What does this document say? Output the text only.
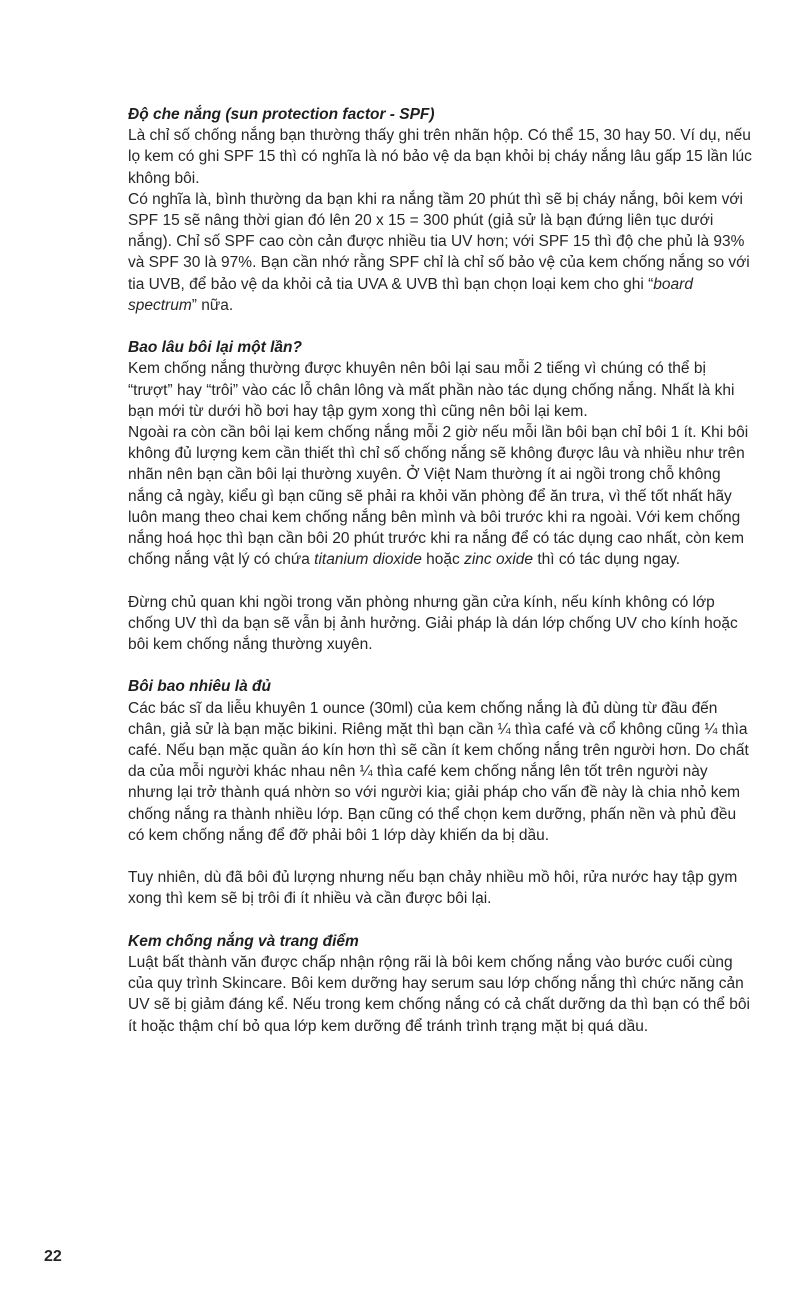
Độ che nắng (sun protection factor - SPF)

Là chỉ số chống nắng bạn thường thấy ghi trên nhãn hộp. Có thể 15, 30 hay 50. Ví dụ, nếu lọ kem có ghi SPF 15 thì có nghĩa là nó bảo vệ da bạn khỏi bị cháy nắng lâu gấp 15 lần lúc không bôi.

Có nghĩa là, bình thường da bạn khi ra nắng tầm 20 phút thì sẽ bị cháy nắng, bôi kem với SPF 15 sẽ nâng thời gian đó lên 20 x 15 = 300 phút (giả sử là bạn đứng liên tục dưới nắng). Chỉ số SPF cao còn cản được nhiều tia UV hơn; với SPF 15 thì độ che phủ là 93% và SPF 30 là 97%. Bạn cần nhớ rằng SPF chỉ là chỉ số bảo vệ của kem chống nắng so với tia UVB, để bảo vệ da khỏi cả tia UVA & UVB thì bạn chọn loại kem cho ghi “board spectrum” nữa.

Bao lâu bôi lại một lần?

Kem chống nắng thường được khuyên nên bôi lại sau mỗi 2 tiếng vì chúng có thể bị “trượt” hay “trôi” vào các lỗ chân lông và mất phần nào tác dụng chống nắng. Nhất là khi bạn mới từ dưới hồ bơi hay tập gym xong thì cũng nên bôi lại kem.

Ngoài ra còn cần bôi lại kem chống nắng mỗi 2 giờ nếu mỗi lần bôi bạn chỉ bôi 1 ít. Khi bôi không đủ lượng kem cần thiết thì chỉ số chống nắng sẽ không được lâu và nhiều như trên nhãn nên bạn cần bôi lại thường xuyên. Ở Việt Nam thường ít ai ngồi trong chỗ không nắng cả ngày, kiểu gì bạn cũng sẽ phải ra khỏi văn phòng để ăn trưa, vì thế tốt nhất hãy luôn mang theo chai kem chống nắng bên mình và bôi trước khi ra ngoài. Với kem chống nắng hoá học thì bạn cần bôi 20 phút trước khi ra nắng để có tác dụng cao nhất, còn kem chống nắng vật lý có chứa titanium dioxide hoặc zinc oxide thì có tác dụng ngay.

Đừng chủ quan khi ngồi trong văn phòng nhưng gần cửa kính, nếu kính không có lớp chống UV thì da bạn sẽ vẫn bị ảnh hưởng. Giải pháp là dán lớp chống UV cho kính hoặc bôi kem chống nắng thường xuyên.

Bôi bao nhiêu là đủ

Các bác sĩ da liễu khuyên 1 ounce (30ml) của kem chống nắng là đủ dùng từ đầu đến chân, giả sử là bạn mặc bikini. Riêng mặt thì bạn cần ¼ thìa café và cổ không cũng ¼ thìa café. Nếu bạn mặc quần áo kín hơn thì sẽ cần ít kem chống nắng trên người hơn. Do chất da của mỗi người khác nhau nên ¼ thìa café kem chống nắng lên tốt trên người này nhưng lại trở thành quá nhờn so với người kia; giải pháp cho vấn đề này là chia nhỏ kem chống nắng ra thành nhiều lớp. Bạn cũng có thể chọn kem dưỡng, phấn nền và phủ đều có kem chống nắng để đỡ phải bôi 1 lớp dày khiến da bị dầu.

Tuy nhiên, dù đã bôi đủ lượng nhưng nếu bạn chảy nhiều mồ hôi, rửa nước hay tập gym xong thì kem sẽ bị trôi đi ít nhiều và cần được bôi lại.

Kem chống nắng và trang điểm

Luật bất thành văn được chấp nhận rộng rãi là bôi kem chống nắng vào bước cuối cùng của quy trình Skincare. Bôi kem dưỡng hay serum sau lớp chống nắng thì chức năng cản UV sẽ bị giảm đáng kể. Nếu trong kem chống nắng có cả chất dưỡng da thì bạn có thể bôi ít hoặc thậm chí bỏ qua lớp kem dưỡng để tránh trình trạng mặt bị quá dầu.

22
